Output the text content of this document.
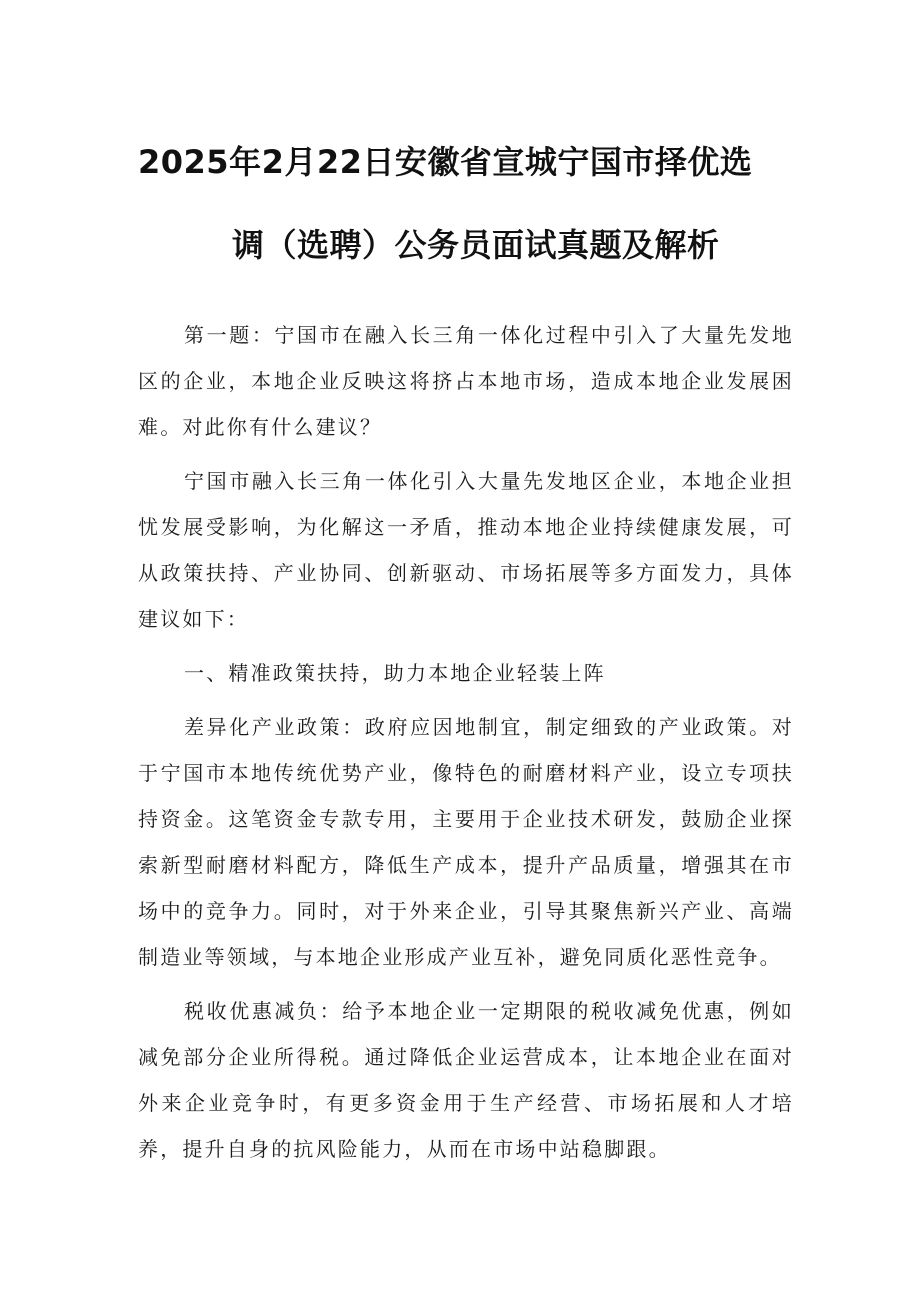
2025年2月22日安徽省宣城宁国市择优选
调（选聘）公务员面试真题及解析

第一题：宁国市在融入长三角一体化过程中引入了大量先发地区的企业，本地企业反映这将挤占本地市场，造成本地企业发展困难。对此你有什么建议？

宁国市融入长三角一体化引入大量先发地区企业，本地企业担忧发展受影响，为化解这一矛盾，推动本地企业持续健康发展，可从政策扶持、产业协同、创新驱动、市场拓展等多方面发力，具体建议如下：

一、精准政策扶持，助力本地企业轻装上阵

差异化产业政策：政府应因地制宜，制定细致的产业政策。对于宁国市本地传统优势产业，像特色的耐磨材料产业，设立专项扶持资金。这笔资金专款专用，主要用于企业技术研发，鼓励企业探索新型耐磨材料配方，降低生产成本，提升产品质量，增强其在市场中的竞争力。同时，对于外来企业，引导其聚焦新兴产业、高端制造业等领域，与本地企业形成产业互补，避免同质化恶性竞争。

税收优惠减负：给予本地企业一定期限的税收减免优惠，例如减免部分企业所得税。通过降低企业运营成本，让本地企业在面对外来企业竞争时，有更多资金用于生产经营、市场拓展和人才培养，提升自身的抗风险能力，从而在市场中站稳脚跟。
